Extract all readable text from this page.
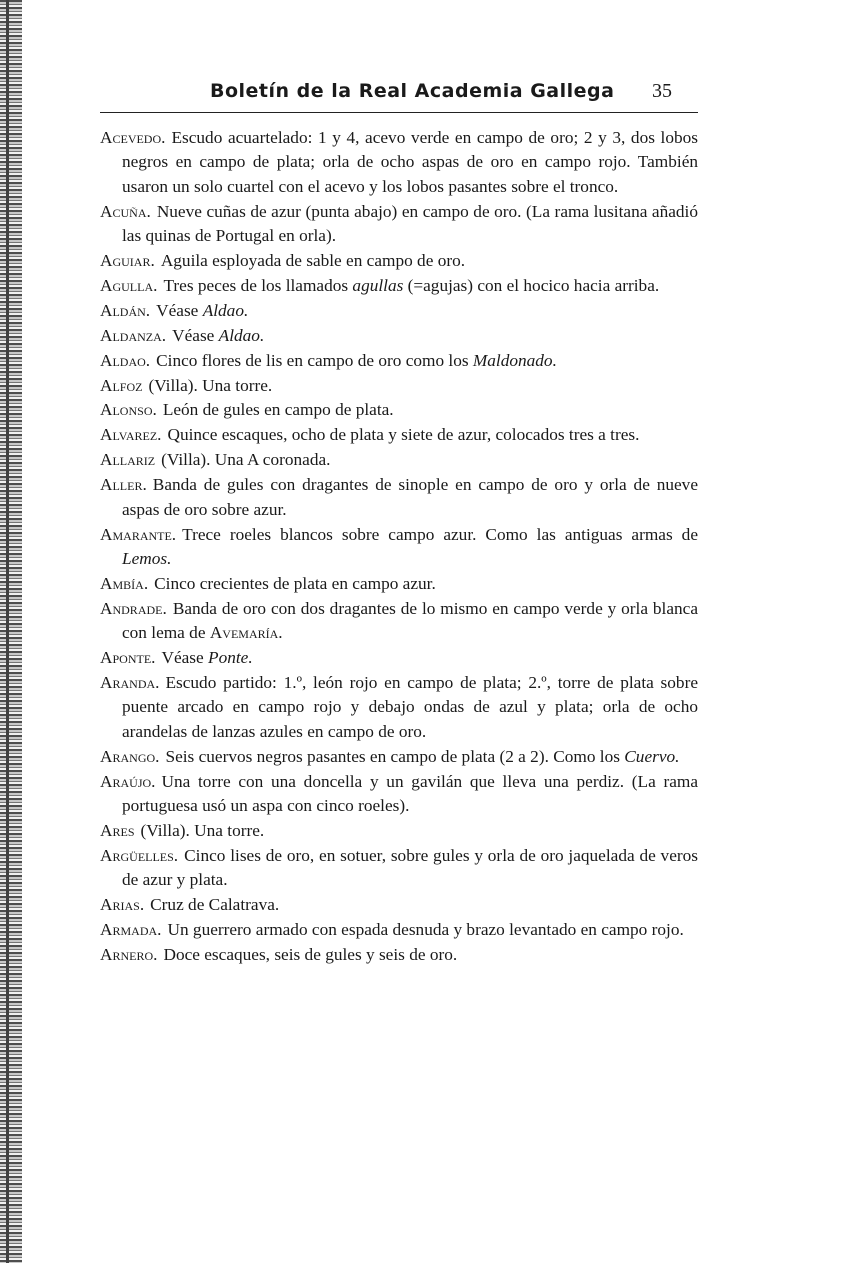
Boletín de la Real Academia Gallega 35
Acevedo. Escudo acuartelado: 1 y 4, acevo verde en campo de oro; 2 y 3, dos lobos negros en campo de plata; orla de ocho aspas de oro en campo rojo. También usaron un solo cuartel con el acevo y los lobos pasantes sobre el tronco.
Acuña. Nueve cuñas de azur (punta abajo) en campo de oro. (La rama lusitana añadió las quinas de Portugal en orla).
Aguiar. Aguila esployada de sable en campo de oro.
Agulla. Tres peces de los llamados agullas (=agujas) con el hocico hacia arriba.
Aldán. Véase Aldao.
Aldanza. Véase Aldao.
Aldao. Cinco flores de lis en campo de oro como los Maldonado.
Alfoz (Villa). Una torre.
Alonso. León de gules en campo de plata.
Alvarez. Quince escaques, ocho de plata y siete de azur, colocados tres a tres.
Allariz (Villa). Una A coronada.
Aller. Banda de gules con dragantes de sinople en campo de oro y orla de nueve aspas de oro sobre azur.
Amarante. Trece roeles blancos sobre campo azur. Como las antiguas armas de Lemos.
Ambía. Cinco crecientes de plata en campo azur.
Andrade. Banda de oro con dos dragantes de lo mismo en campo verde y orla blanca con lema de Avemaría.
Aponte. Véase Ponte.
Aranda. Escudo partido: 1.º, león rojo en campo de plata; 2.º, torre de plata sobre puente arcado en campo rojo y debajo ondas de azul y plata; orla de ocho arandelas de lanzas azules en campo de oro.
Arango. Seis cuervos negros pasantes en campo de plata (2 a 2). Como los Cuervo.
Araújo. Una torre con una doncella y un gavilán que lleva una perdiz. (La rama portuguesa usó un aspa con cinco roeles).
Ares (Villa). Una torre.
Argüelles. Cinco lises de oro, en sotuer, sobre gules y orla de oro jaquelada de veros de azur y plata.
Arias. Cruz de Calatrava.
Armada. Un guerrero armado con espada desnuda y brazo levantado en campo rojo.
Arnero. Doce escaques, seis de gules y seis de oro.
